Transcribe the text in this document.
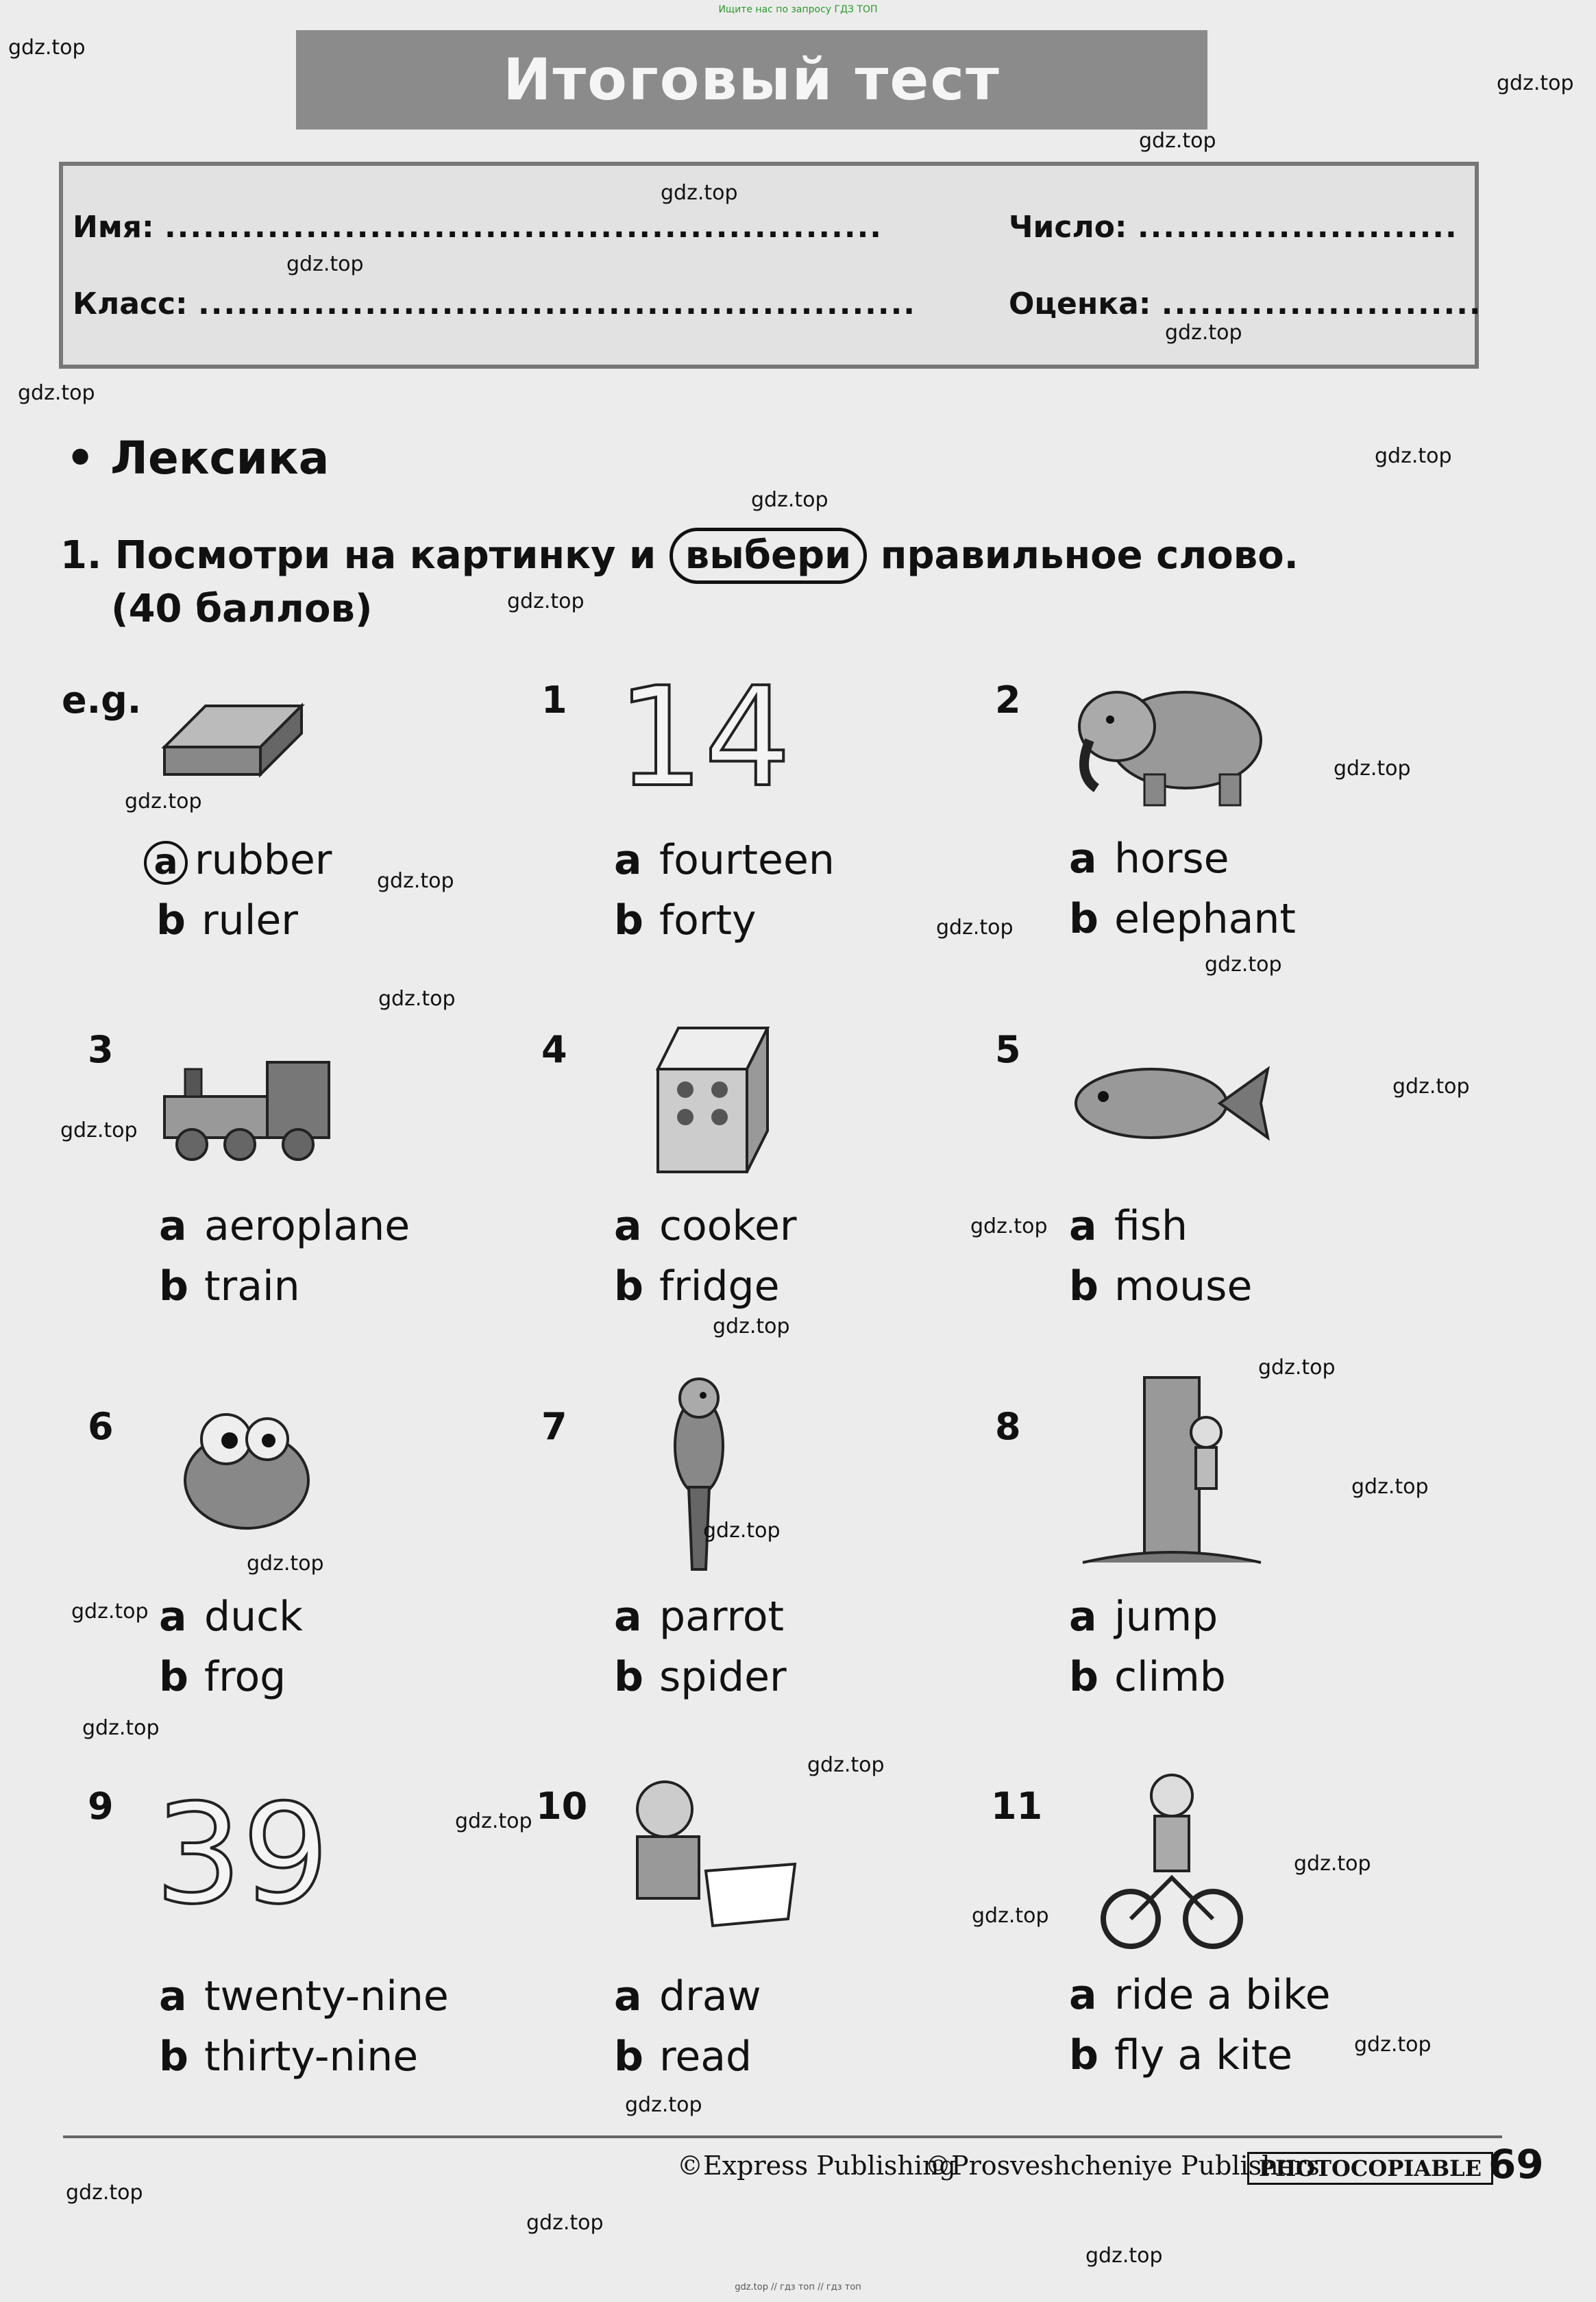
Ищите нас по запросу ГДЗ ТОП
Итоговый тест
Имя: ........................................................
Класс: ........................................................
Число: .........................
Оценка: .........................
• Лексика
1. Посмотри на картинку и выбери правильное слово.
(40 баллов)
e.g.
a rubber
b ruler
1 14
a fourteen
b forty
2
a horse
b elephant
3
a aeroplane
b train
4
a cooker
b fridge
5
a fish
b mouse
6
a duck
b frog
7
a parrot
b spider
8
a jump
b climb
9 39
a twenty-nine
b thirty-nine
10
a draw
b read
11
a ride a bike
b fly a kite
gdz.top
gdz.top
gdz.top
gdz.top
gdz.top
gdz.top
gdz.top
gdz.top
gdz.top
gdz.top
gdz.top
gdz.top
gdz.top
gdz.top
gdz.top
gdz.top
gdz.top
gdz.top
gdz.top
gdz.top
gdz.top
gdz.top
gdz.top
gdz.top
gdz.top
gdz.top
gdz.top
gdz.top
gdz.top
gdz.top
gdz.top
gdz.top
gdz.top
gdz.top
gdz.top
©Express Publishing
©Prosveshcheniye Publishers
PHOTOCOPIABLE 69
gdz.top // гдз топ // гдз топ
